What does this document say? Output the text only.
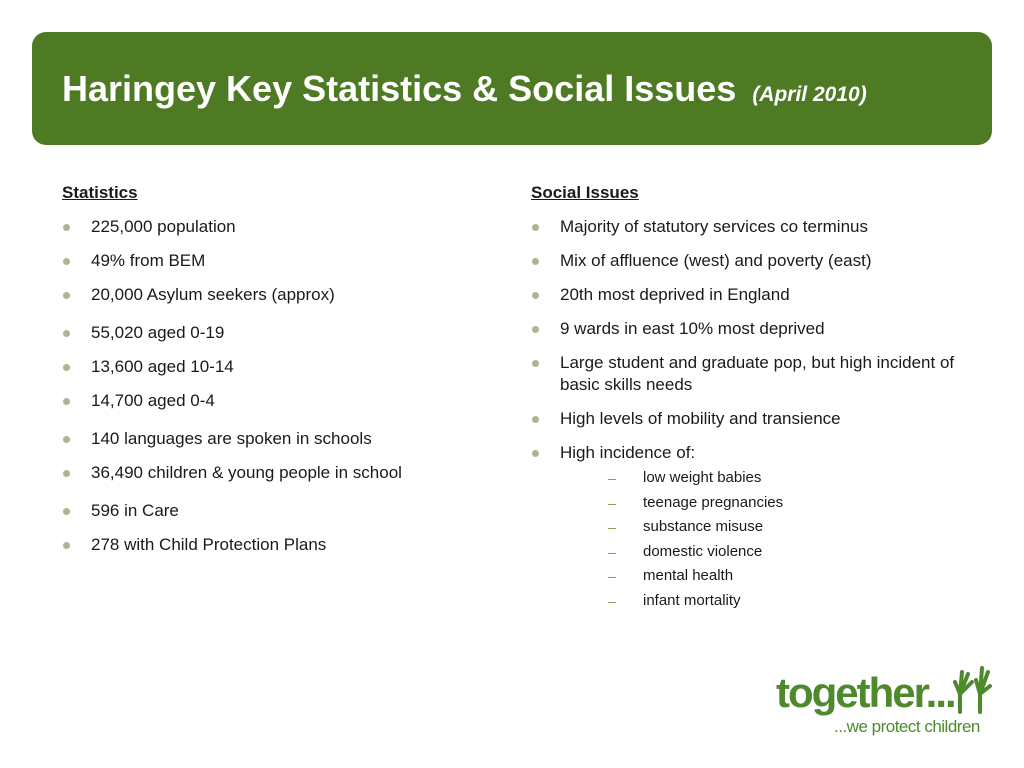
Haringey Key Statistics & Social Issues (April 2010)
Statistics
225,000 population
49% from BEM
20,000 Asylum seekers (approx)
55,020 aged 0-19
13,600 aged 10-14
14,700 aged 0-4
140 languages are spoken in schools
36,490 children & young people in school
596 in Care
278 with Child Protection Plans
Social Issues
Majority of statutory services co terminus
Mix of affluence (west) and poverty (east)
20th most deprived in England
9 wards in east 10% most deprived
Large student and graduate pop, but high incident of basic skills needs
High levels of mobility and transience
High incidence of:
– low weight babies
– teenage pregnancies
– substance misuse
– domestic violence
– mental health
– infant mortality
together...
...we protect children
